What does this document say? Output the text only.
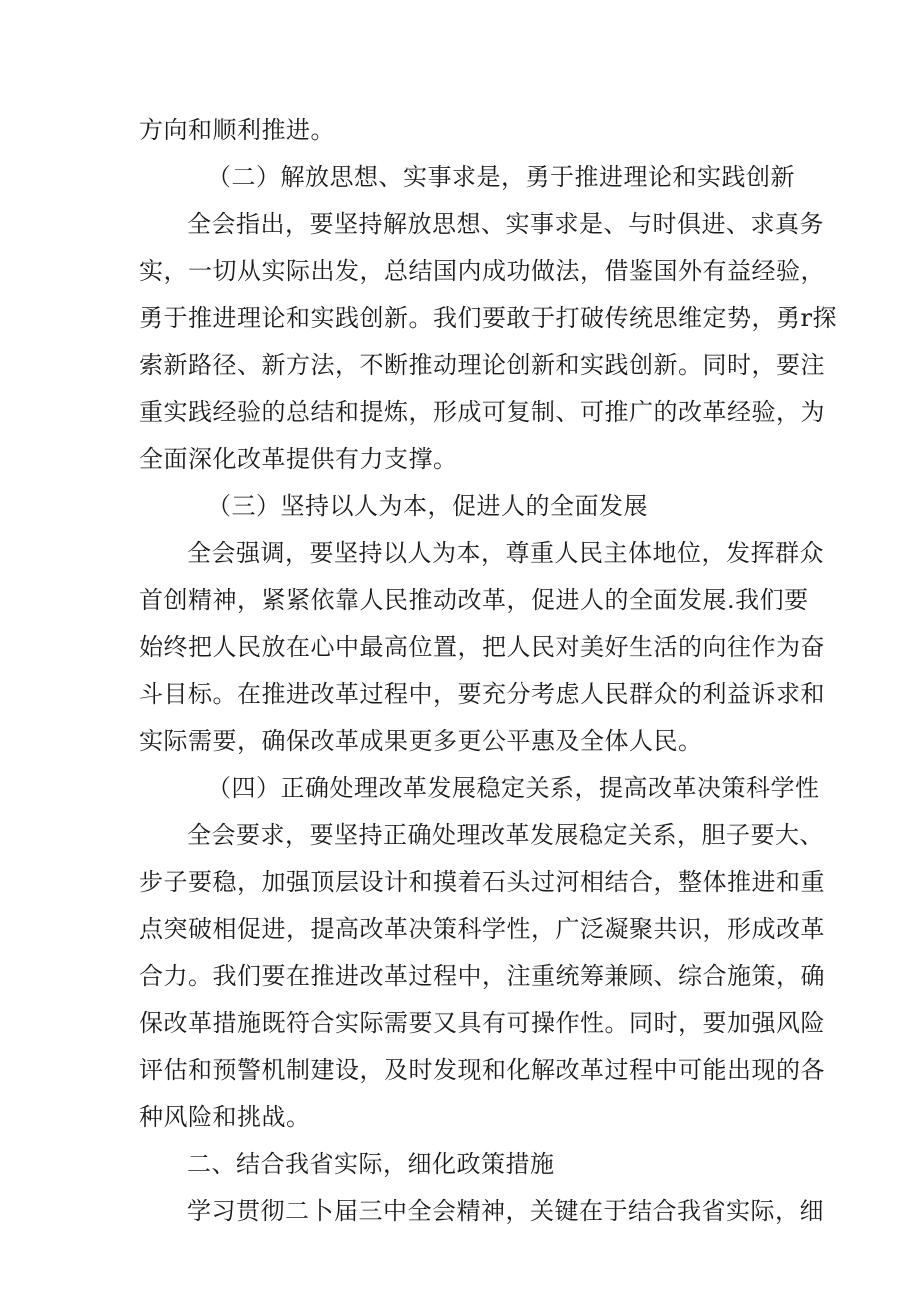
方向和顺利推进。
（二）解放思想、实事求是，勇于推进理论和实践创新
全会指出，要坚持解放思想、实事求是、与时俱进、求真务
实，一切从实际出发，总结国内成功做法，借鉴国外有益经验，
勇于推进理论和实践创新。我们要敢于打破传统思维定势，勇r探
索新路径、新方法，不断推动理论创新和实践创新。同时，要注
重实践经验的总结和提炼，形成可复制、可推广的改革经验，为
全面深化改革提供有力支撑。
（三）坚持以人为本，促进人的全面发展
全会强调，要坚持以人为本，尊重人民主体地位，发挥群众
首创精神，紧紧依靠人民推动改革，促进人的全面发展.我们要
始终把人民放在心中最高位置，把人民对美好生活的向往作为奋
斗目标。在推进改革过程中，要充分考虑人民群众的利益诉求和
实际需要，确保改革成果更多更公平惠及全体人民。
（四）正确处理改革发展稳定关系，提高改革决策科学性
全会要求，要坚持正确处理改革发展稳定关系，胆子要大、
步子要稳，加强顶层设计和摸着石头过河相结合，整体推进和重
点突破相促进，提高改革决策科学性，广泛凝聚共识，形成改革
合力。我们要在推进改革过程中，注重统筹兼顾、综合施策，确
保改革措施既符合实际需要又具有可操作性。同时，要加强风险
评估和预警机制建设，及时发现和化解改革过程中可能出现的各
种风险和挑战。
二、结合我省实际，细化政策措施
学习贯彻二卜届三中全会精神，关键在于结合我省实际，细
